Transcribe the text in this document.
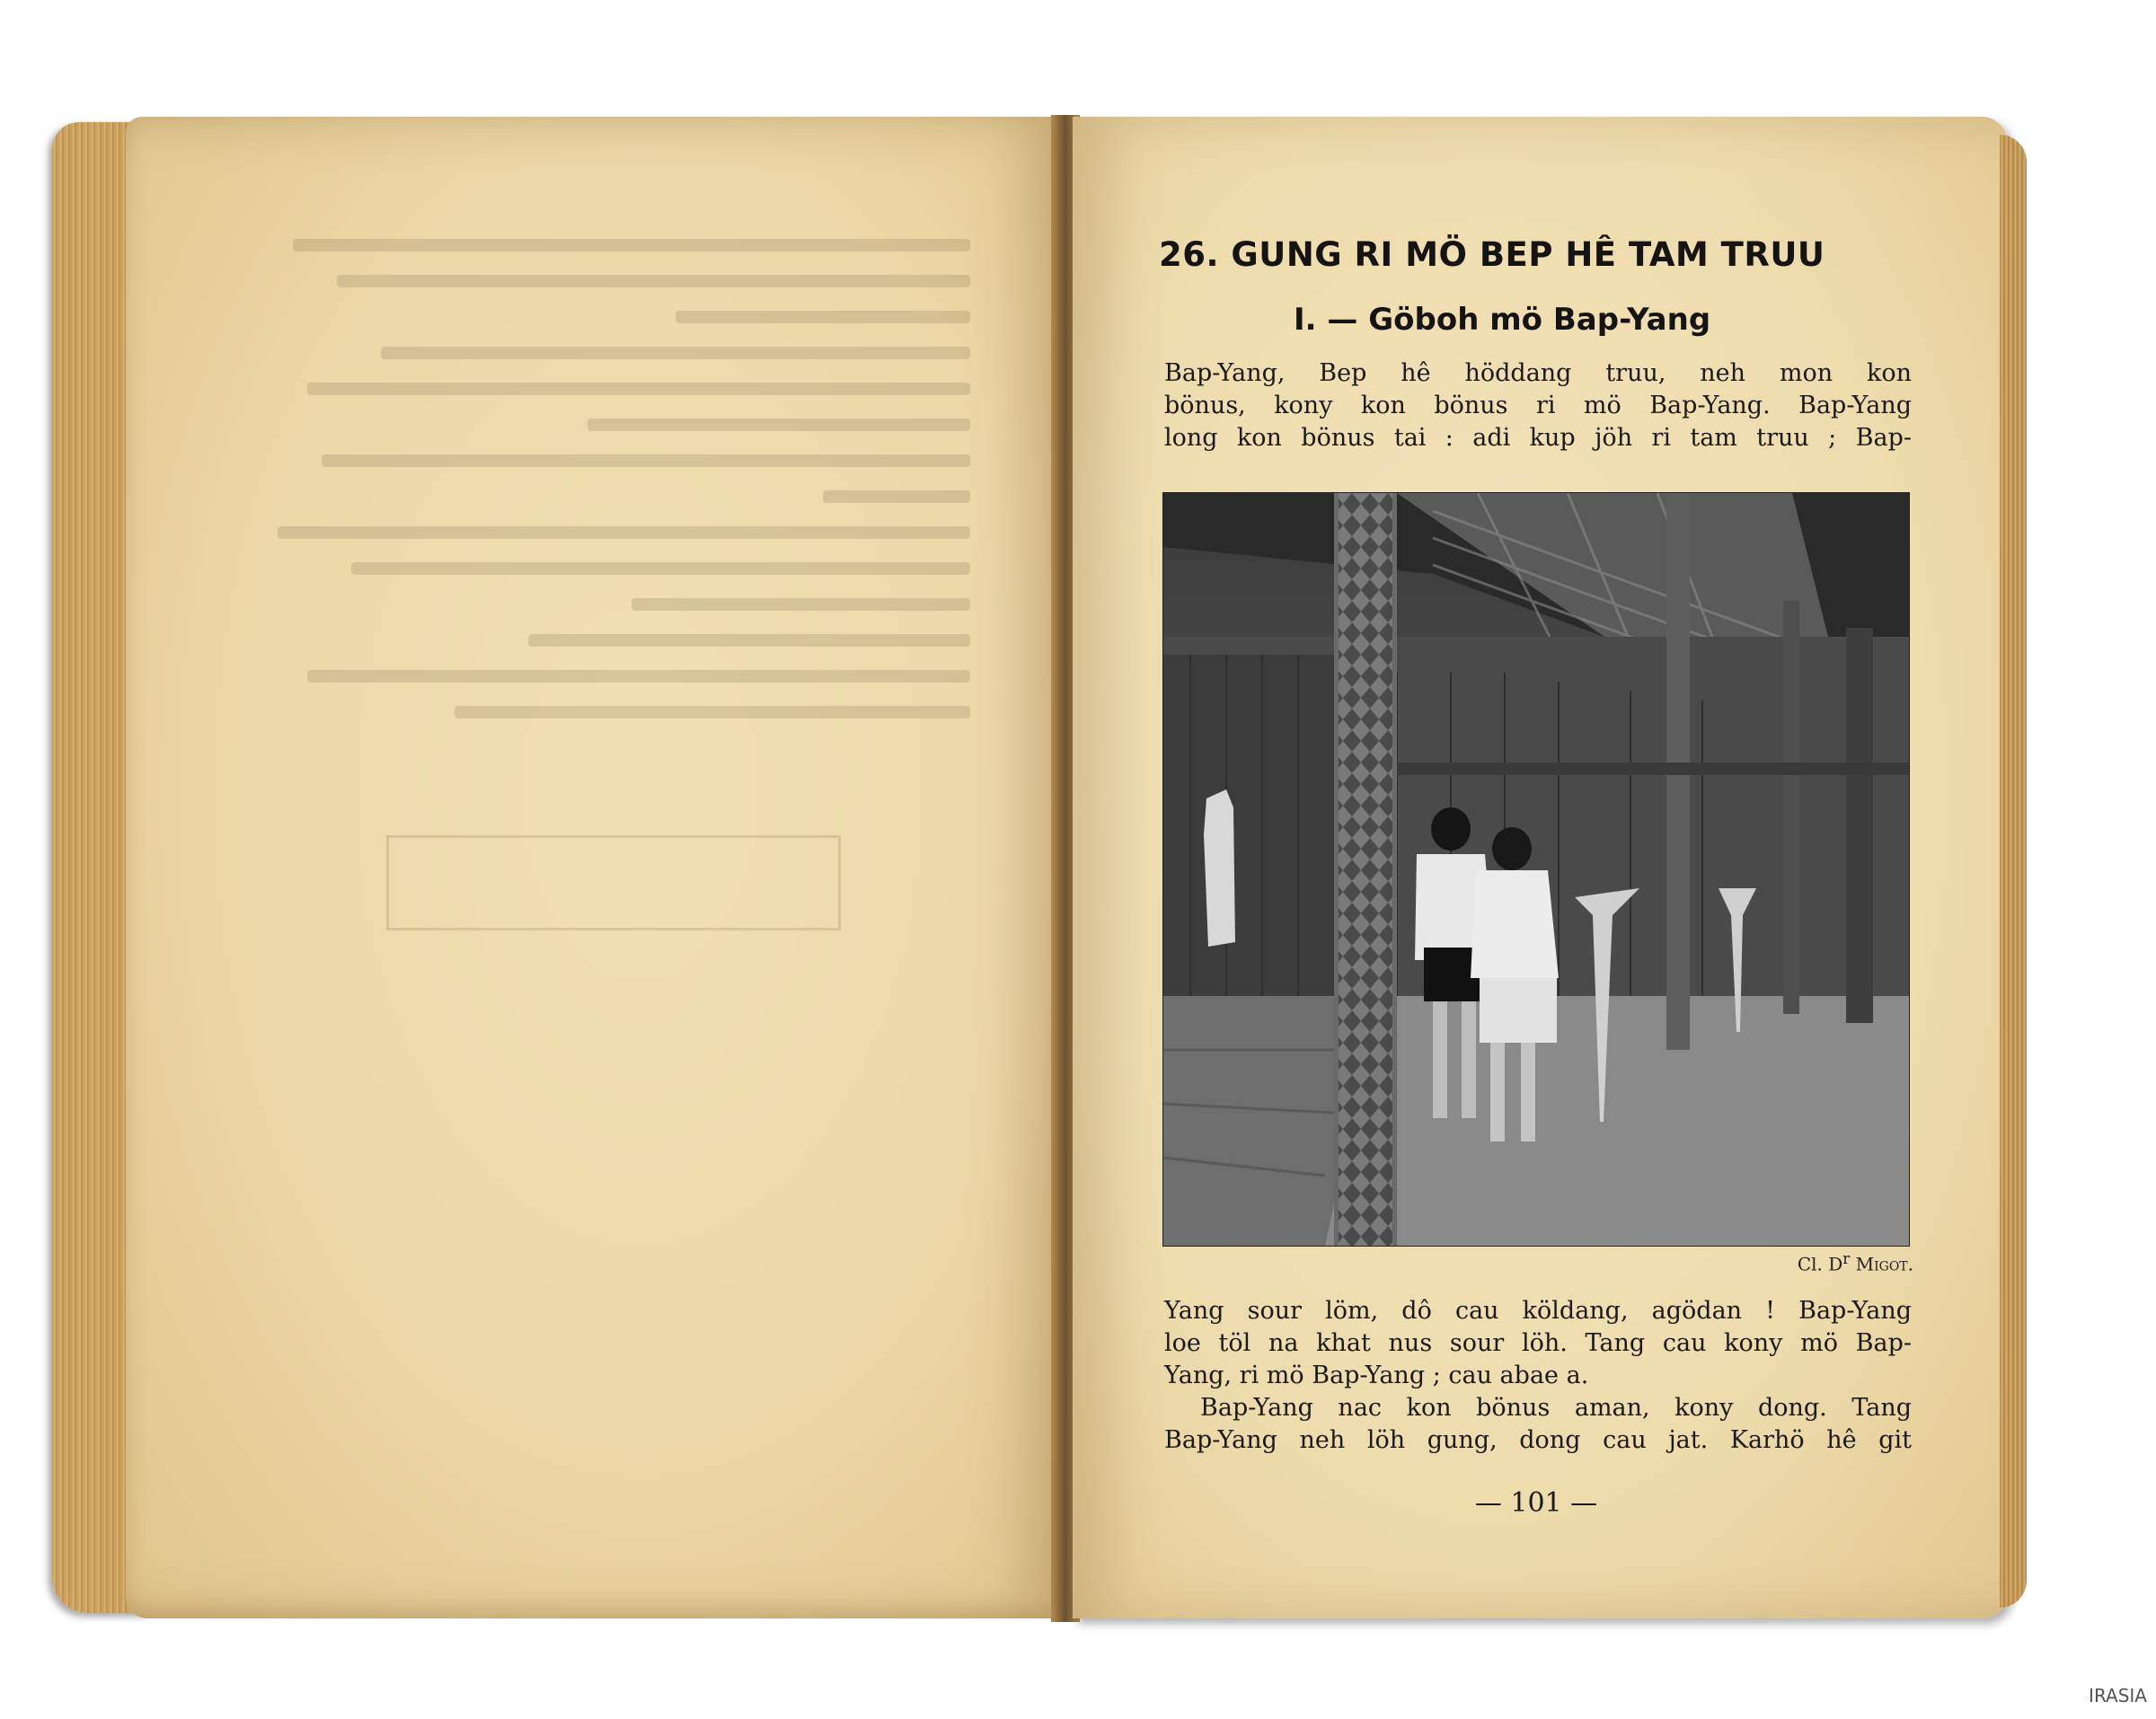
26. GUNG RI MÖ BEP HÊ TAM TRUU
I. — Göboh mö Bap-Yang
Bap-Yang, Bep hê höddang truu, neh mon kon
bönus, kony kon bönus ri mö Bap-Yang. Bap-Yang
long kon bönus tai : adi kup jöh ri tam truu ; Bap-
Cl. $D^r$ Migot.
Yang sour löm, dô cau köldang, agödan ! Bap-Yang
loe töl na khat nus sour löh. Tang cau kony mö Bap-
Yang, ri mö Bap-Yang ; cau abae a.
Bap-Yang nac kon bönus aman, kony dong. Tang
Bap-Yang neh löh gung, dong cau jat. Karhö hê git
— 101 —
IRASIA
